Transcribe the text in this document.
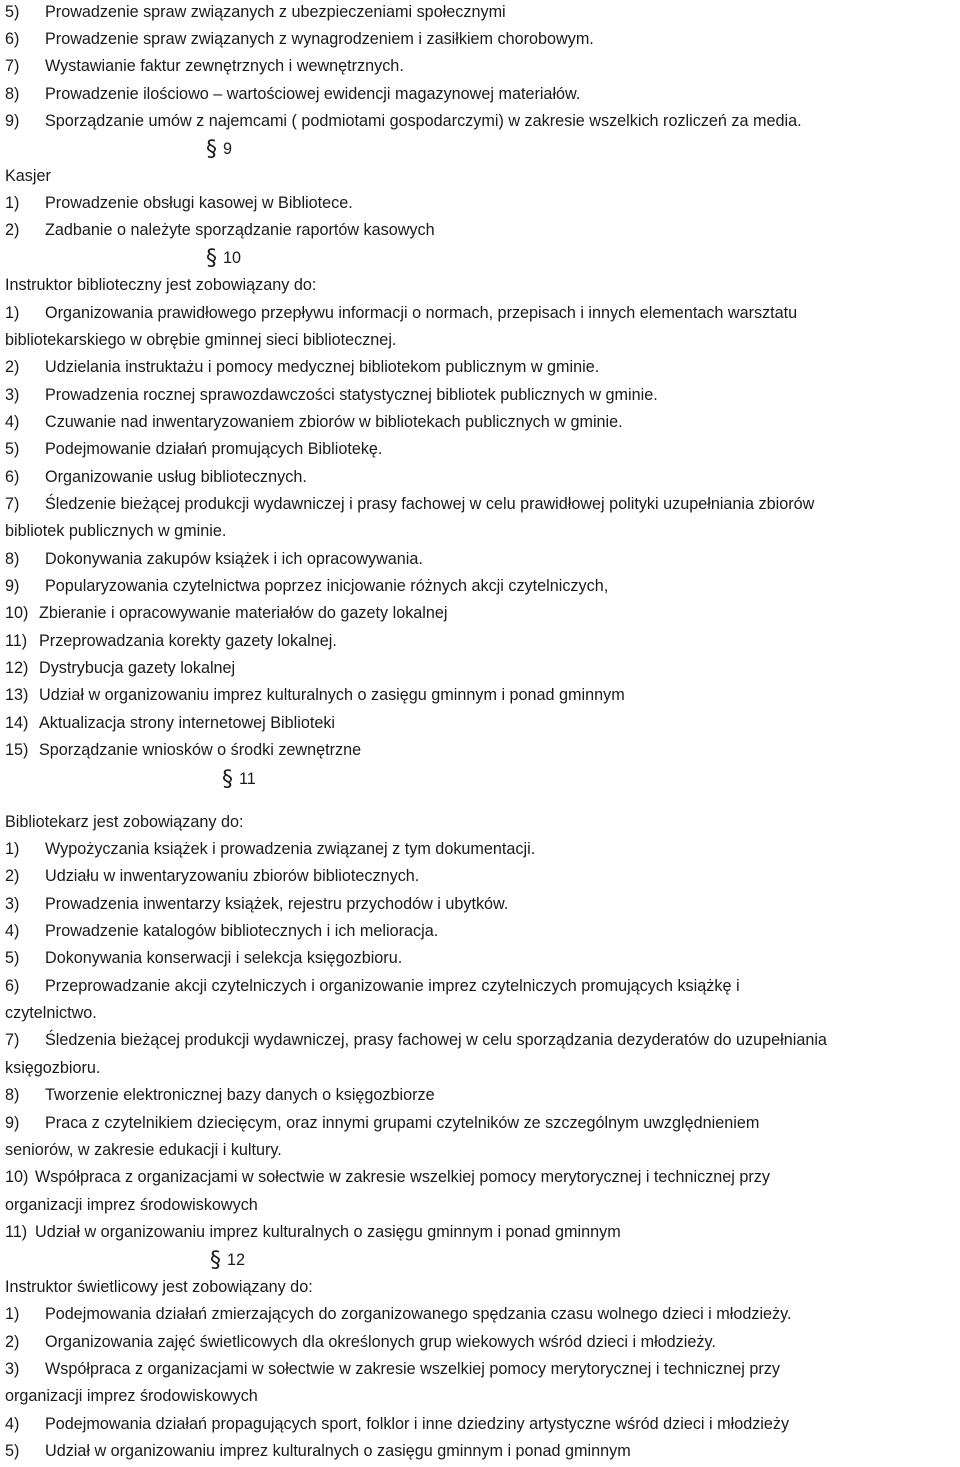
5) Prowadzenie spraw związanych z ubezpieczeniami społecznymi
6) Prowadzenie spraw związanych z wynagrodzeniem i zasiłkiem chorobowym.
7) Wystawianie faktur zewnętrznych i wewnętrznych.
8) Prowadzenie ilościowo – wartościowej ewidencji magazynowej materiałów.
9) Sporządzanie umów z najemcami ( podmiotami gospodarczymi) w zakresie wszelkich rozliczeń za media.
§ 9
Kasjer
1) Prowadzenie obsługi kasowej w Bibliotece.
2) Zadbanie o należyte sporządzanie raportów kasowych
§ 10
Instruktor biblioteczny jest zobowiązany do:
1) Organizowania prawidłowego przepływu informacji o normach, przepisach i innych elementach warsztatu
bibliotekarskiego w obrębie gminnej sieci bibliotecznej.
2) Udzielania instruktażu i pomocy medycznej bibliotekom publicznym w gminie.
3) Prowadzenia rocznej sprawozdawczości statystycznej bibliotek publicznych w gminie.
4) Czuwanie nad inwentaryzowaniem zbiorów w bibliotekach publicznych w gminie.
5) Podejmowanie działań promujących Bibliotekę.
6) Organizowanie usług bibliotecznych.
7) Śledzenie bieżącej produkcji wydawniczej i prasy fachowej w celu prawidłowej polityki uzupełniania zbiorów
bibliotek publicznych w gminie.
8) Dokonywania zakupów książek i ich opracowywania.
9) Popularyzowania czytelnictwa poprzez inicjowanie różnych akcji czytelniczych,
10) Zbieranie i opracowywanie materiałów do gazety lokalnej
11) Przeprowadzania korekty gazety lokalnej.
12) Dystrybucja gazety lokalnej
13) Udział w organizowaniu imprez kulturalnych o zasięgu gminnym i ponad gminnym
14) Aktualizacja strony internetowej Biblioteki
15) Sporządzanie wniosków o środki zewnętrzne
§ 11
Bibliotekarz jest zobowiązany do:
1) Wypożyczania książek i prowadzenia związanej z tym dokumentacji.
2) Udziału w inwentaryzowaniu zbiorów bibliotecznych.
3) Prowadzenia inwentarzy książek, rejestru przychodów i ubytków.
4) Prowadzenie katalogów bibliotecznych i ich melioracja.
5) Dokonywania konserwacji i selekcja księgozbioru.
6) Przeprowadzanie akcji czytelniczych i organizowanie imprez czytelniczych promujących książkę i
czytelnictwo.
7) Śledzenia bieżącej produkcji wydawniczej, prasy fachowej w celu sporządzania dezyderatów do uzupełniania
księgozbioru.
8) Tworzenie elektronicznej bazy danych o księgozbiorze
9) Praca z czytelnikiem dziecięcym, oraz innymi grupami czytelników ze szczególnym uwzględnieniem
seniorów, w zakresie edukacji i kultury.
10) Współpraca z organizacjami w sołectwie w zakresie wszelkiej pomocy merytorycznej i technicznej przy
organizacji imprez środowiskowych
11) Udział w organizowaniu imprez kulturalnych o zasięgu gminnym i ponad gminnym
§ 12
Instruktor świetlicowy jest zobowiązany do:
1) Podejmowania działań zmierzających do zorganizowanego spędzania czasu wolnego dzieci i młodzieży.
2) Organizowania zajęć świetlicowych dla określonych grup wiekowych wśród dzieci i młodzieży.
3) Współpraca z organizacjami w sołectwie w zakresie wszelkiej pomocy merytorycznej i technicznej przy
organizacji imprez środowiskowych
4) Podejmowania działań propagujących sport, folklor i inne dziedziny artystyczne wśród dzieci i młodzieży
5) Udział w organizowaniu imprez kulturalnych o zasięgu gminnym i ponad gminnym
